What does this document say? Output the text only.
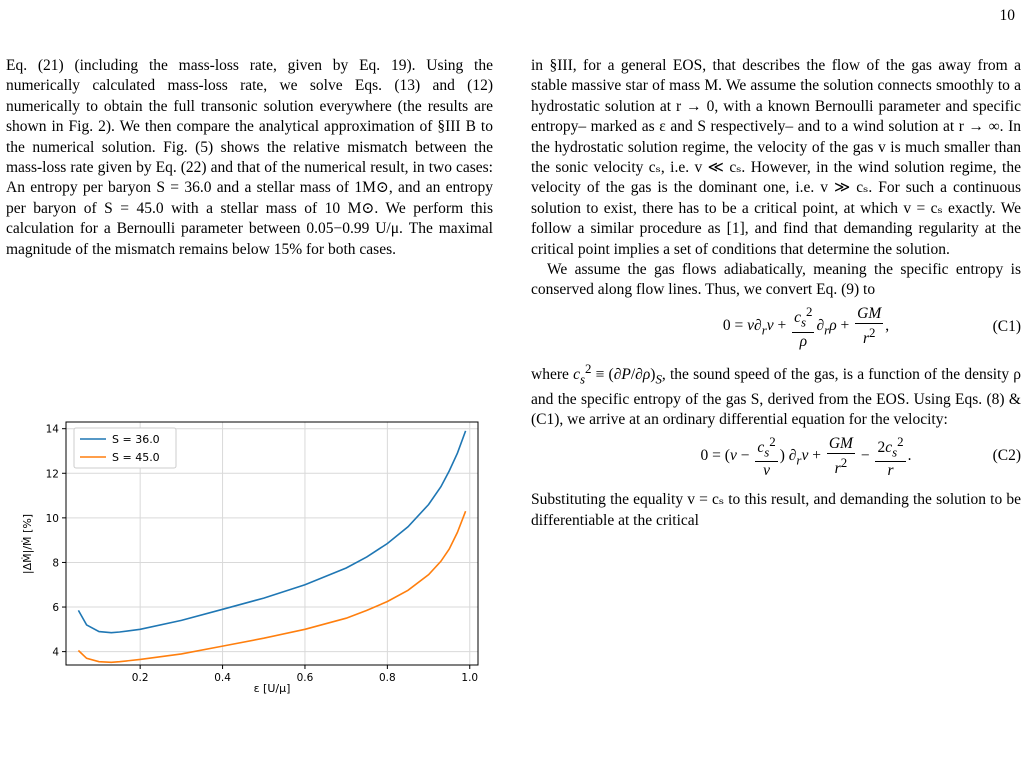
10

Eq. (21) (including the mass-loss rate, given by Eq. 19). Using the numerically calculated mass-loss rate, we solve Eqs. (13) and (12) numerically to obtain the full transonic solution everywhere (the results are shown in Fig. 2). We then compare the analytical approximation of §III B to the numerical solution. Fig. (5) shows the relative mismatch between the mass-loss rate given by Eq. (22) and that of the numerical result, in two cases: An entropy per baryon S = 36.0 and a stellar mass of 1M⊙, and an entropy per baryon of S = 45.0 with a stellar mass of 10 M⊙. We perform this calculation for a Bernoulli parameter between 0.05−0.99 U/μ. The maximal magnitude of the mismatch remains below 15% for both cases.

0.2	0.4	0.6	0.8	1.0
4
6
8
10
12
14
ε [U/μ]
|ΔṀ|/Ṁ [%]
S = 36.0
S = 45.0

in §III, for a general EOS, that describes the flow of the gas away from a stable massive star of mass M. We assume the solution connects smoothly to a hydrostatic solution at r → 0, with a known Bernoulli parameter and specific entropy– marked as ε and S respectively– and to a wind solution at r → ∞. In the hydrostatic solution regime, the velocity of the gas v is much smaller than the sonic velocity cₛ, i.e. v ≪ cₛ. However, in the wind solution regime, the velocity of the gas is the dominant one, i.e. v ≫ cₛ. For such a continuous solution to exist, there has to be a critical point, at which v = cₛ exactly. We follow a similar procedure as [1], and find that demanding regularity at the critical point implies a set of conditions that determine the solution.

We assume the gas flows adiabatically, meaning the specific entropy is conserved along flow lines. Thus, we convert Eq. (9) to

$0 = v\partial_rv + \frac{c_s^2}{\rho} \partial_r\rho + \frac{GM}{r^2}$ ,	(C1)

where $c_s^2 \equiv (\partial P/\partial\rho)_S$, the sound speed of the gas, is a function of the density ρ and the specific entropy of the gas S, derived from the EOS. Using Eqs. (8) & (C1), we arrive at an ordinary differential equation for the velocity:

$0 = (v - \frac{c_s^2}{v}$ ) $\partial_rv + \frac{GM}{r^2} - \frac{2c_s^2}{r}$ .	(C2)

Substituting the equality v = cₛ to this result, and demanding the solution to be differentiable at the critical
